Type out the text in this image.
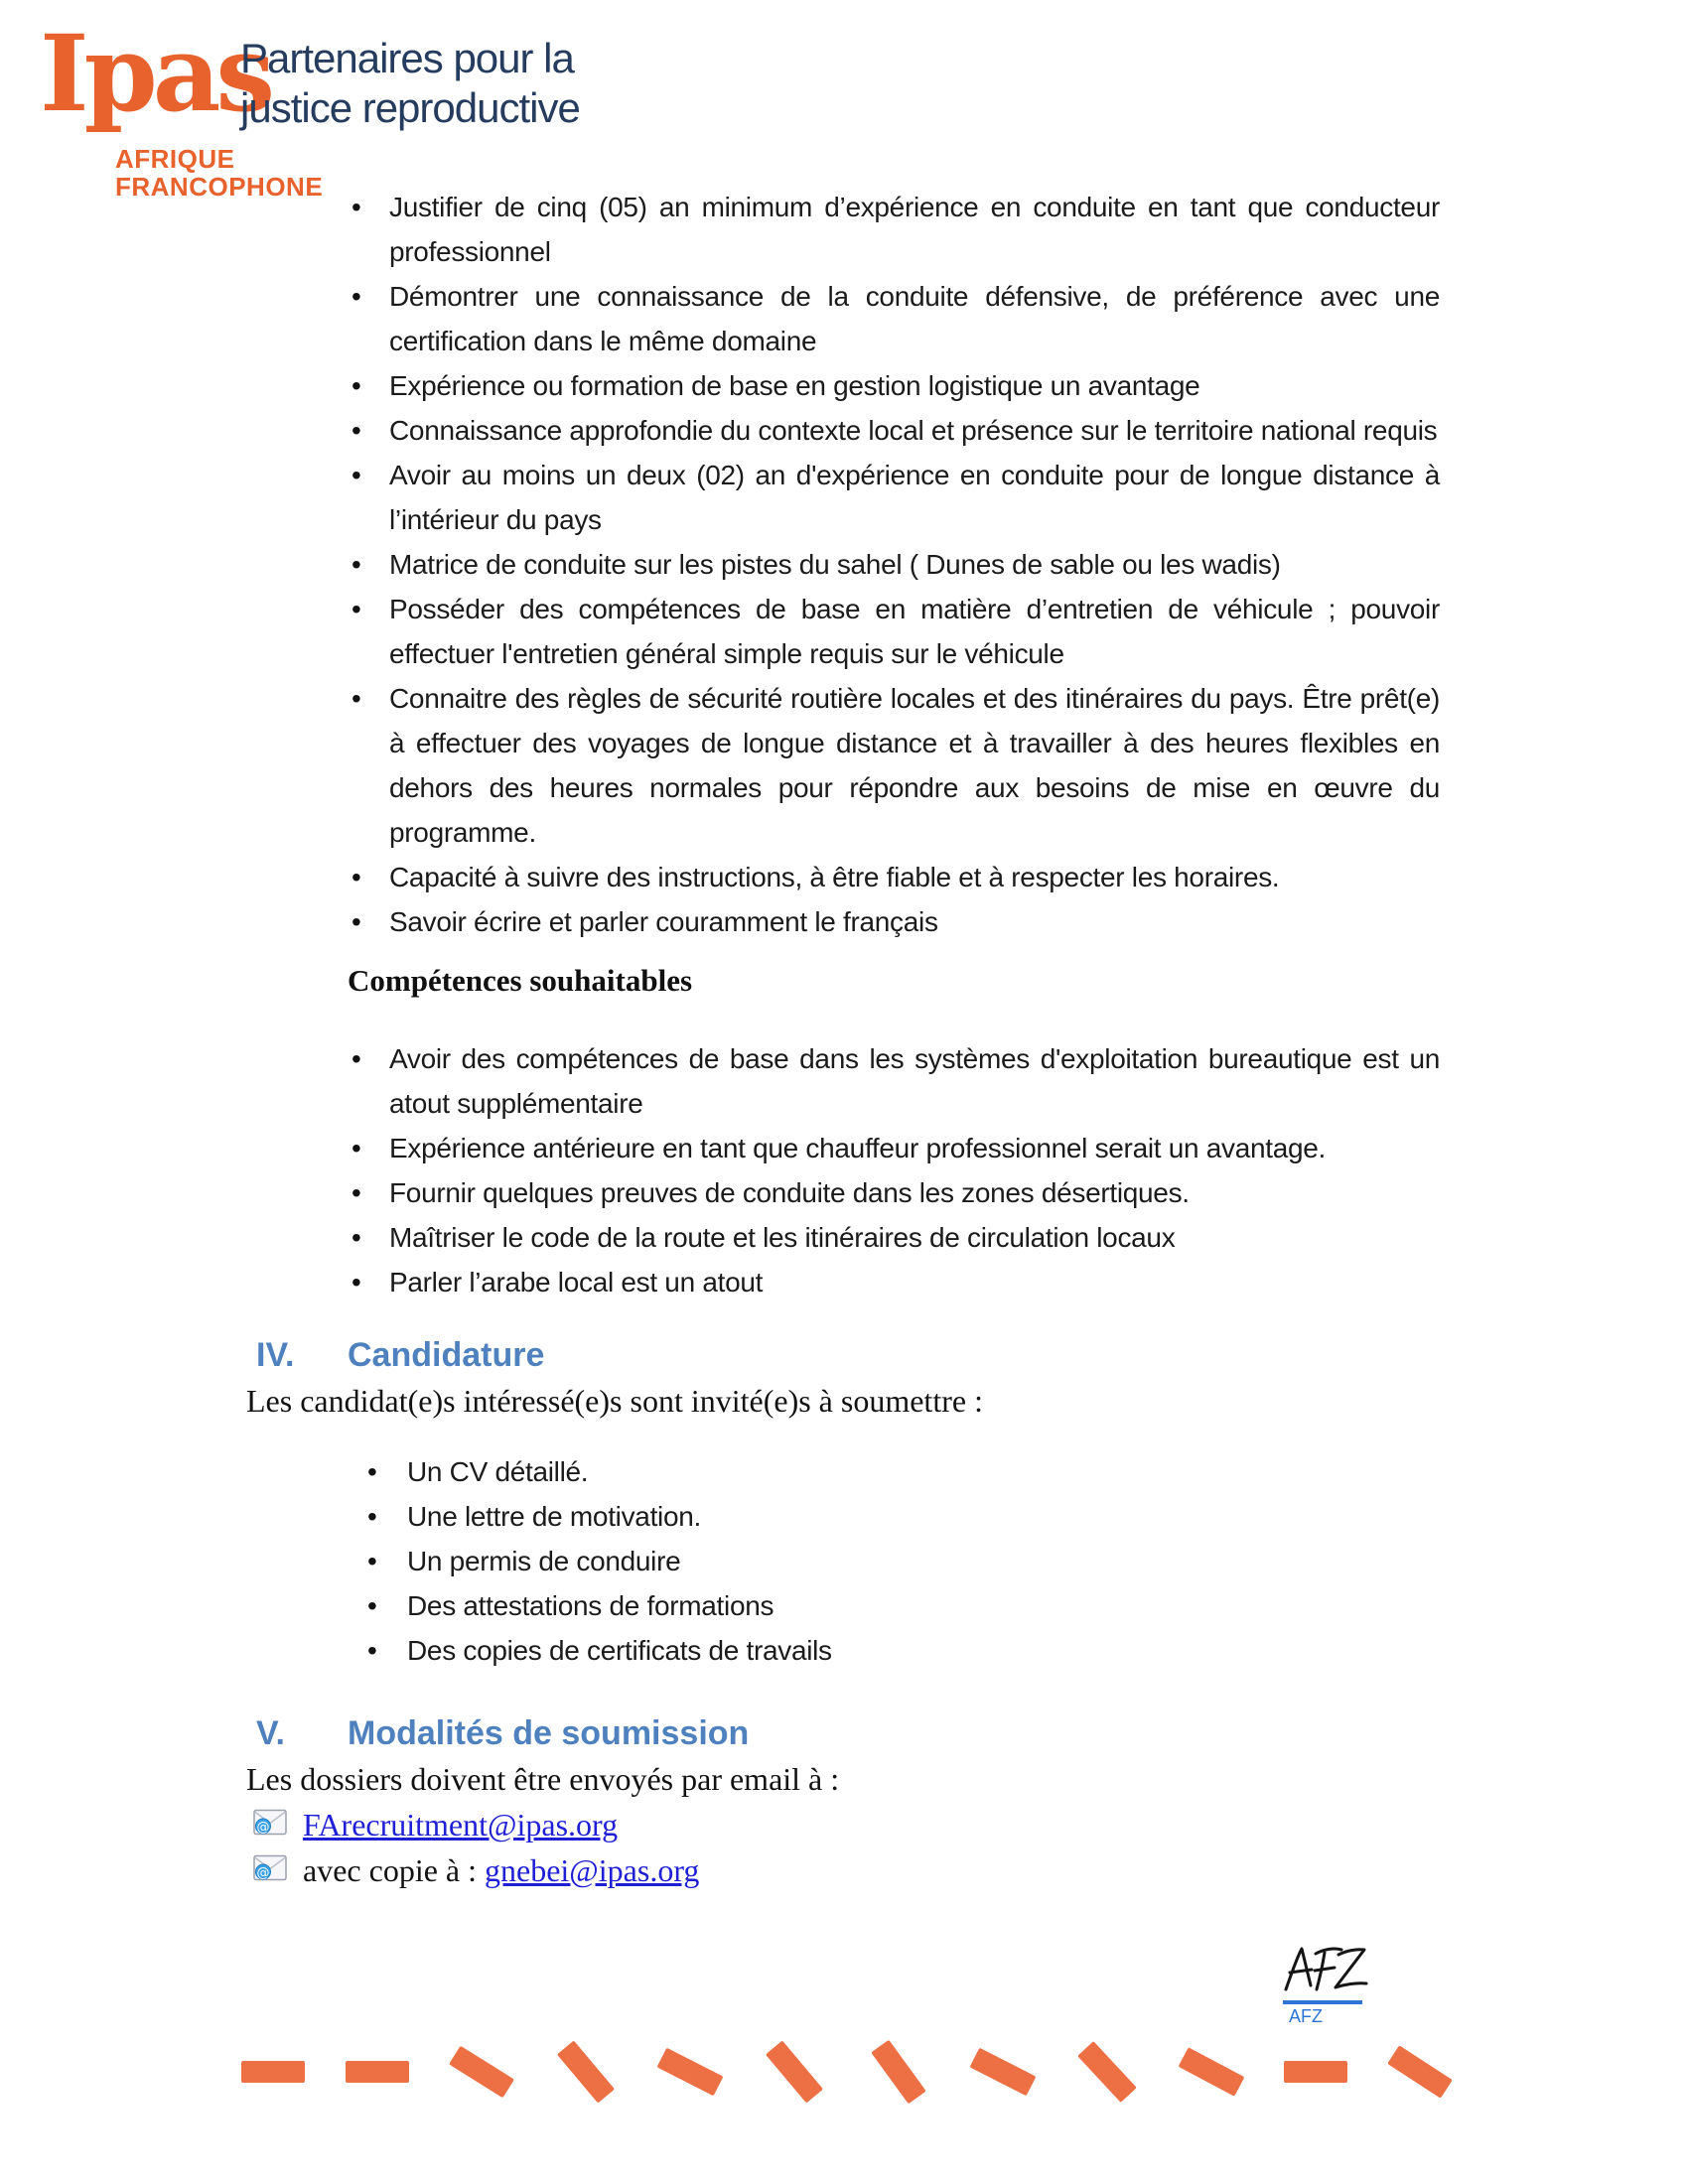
Ipas
AFRIQUE
FRANCOPHONE
Partenaires pour la
justice reproductive
• Justifier de cinq (05) an minimum d’expérience en conduite en tant que conducteur professionnel
• Démontrer une connaissance de la conduite défensive, de préférence avec une certification dans le même domaine
• Expérience ou formation de base en gestion logistique un avantage
• Connaissance approfondie du contexte local et présence sur le territoire national requis
• Avoir au moins un deux (02) an d'expérience en conduite pour de longue distance à l’intérieur du pays
• Matrice de conduite sur les pistes du sahel ( Dunes de sable ou les wadis)
• Posséder des compétences de base en matière d’entretien de véhicule ; pouvoir effectuer l'entretien général simple requis sur le véhicule
• Connaitre des règles de sécurité routière locales et des itinéraires du pays. Être prêt(e) à effectuer des voyages de longue distance et à travailler à des heures flexibles en dehors des heures normales pour répondre aux besoins de mise en œuvre du programme.
• Capacité à suivre des instructions, à être fiable et à respecter les horaires.
• Savoir écrire et parler couramment le français
Compétences souhaitables
• Avoir des compétences de base dans les systèmes d'exploitation bureautique est un atout supplémentaire
• Expérience antérieure en tant que chauffeur professionnel serait un avantage.
• Fournir quelques preuves de conduite dans les zones désertiques.
• Maîtriser le code de la route et les itinéraires de circulation locaux
• Parler l’arabe local est un atout
IV. Candidature

Les candidat(e)s intéressé(e)s sont invité(e)s à soumettre :

• Un CV détaillé.
• Une lettre de motivation.
• Un permis de conduire
• Des attestations de formations
• Des copies de certificats de travails
V. Modalités de soumission

Les dossiers doivent être envoyés par email à :

@ FArecruitment@ipas.org
@ avec copie à : gnebei@ipas.org
AFZ
